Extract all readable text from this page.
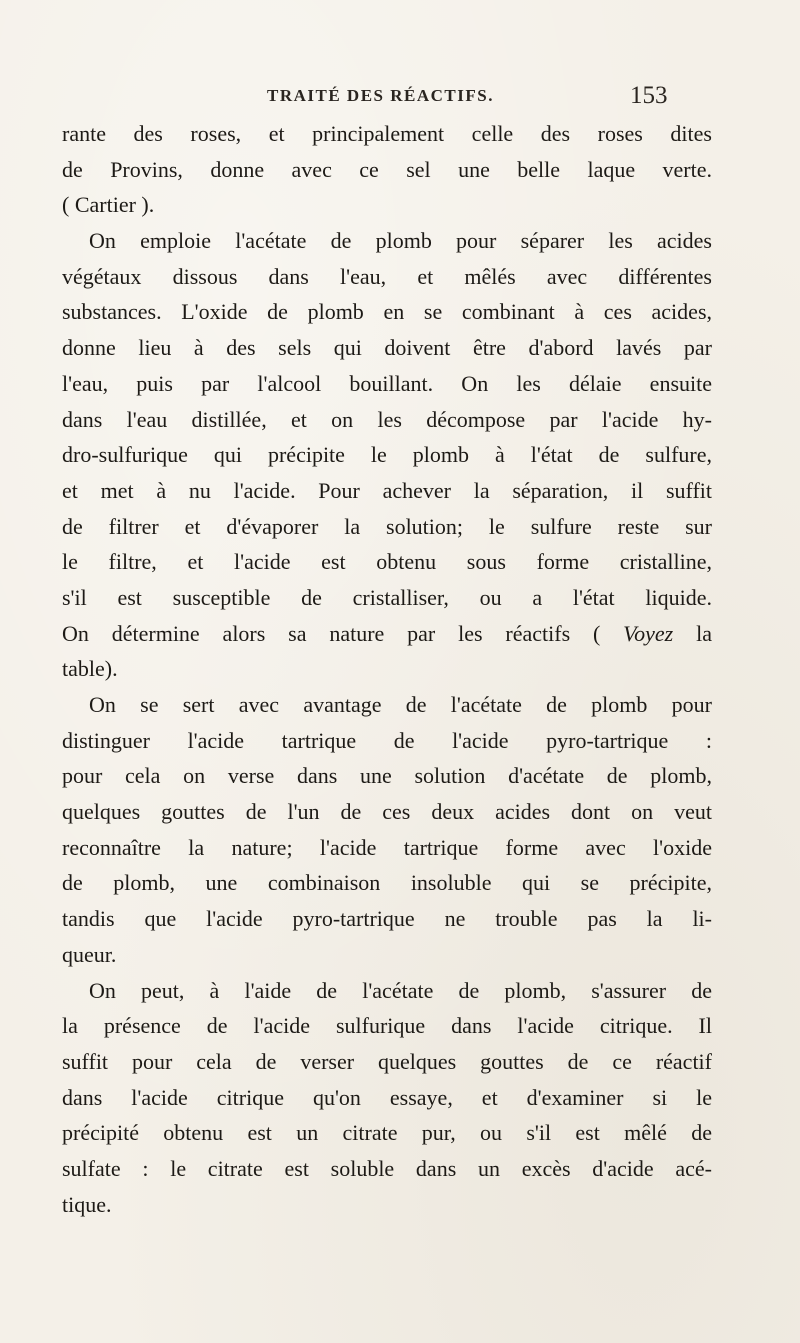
TRAITÉ DES RÉACTIFS.	153
rante des roses, et principalement celle des roses dites
de Provins, donne avec ce sel une belle laque verte.
( Cartier ).
On emploie l'acétate de plomb pour séparer les acides
végétaux dissous dans l'eau, et mêlés avec différentes
substances. L'oxide de plomb en se combinant à ces acides,
donne lieu à des sels qui doivent être d'abord lavés par
l'eau, puis par l'alcool bouillant. On les délaie ensuite
dans l'eau distillée, et on les décompose par l'acide hy-
dro-sulfurique qui précipite le plomb à l'état de sulfure,
et met à nu l'acide. Pour achever la séparation, il suffit
de filtrer et d'évaporer la solution; le sulfure reste sur
le filtre, et l'acide est obtenu sous forme cristalline,
s'il est susceptible de cristalliser, ou a l'état liquide.
On détermine alors sa nature par les réactifs ( Voyez la
table).
On se sert avec avantage de l'acétate de plomb pour
distinguer l'acide tartrique de l'acide pyro-tartrique :
pour cela on verse dans une solution d'acétate de plomb,
quelques gouttes de l'un de ces deux acides dont on veut
reconnaître la nature; l'acide tartrique forme avec l'oxide
de plomb, une combinaison insoluble qui se précipite,
tandis que l'acide pyro-tartrique ne trouble pas la li-
queur.
On peut, à l'aide de l'acétate de plomb, s'assurer de
la présence de l'acide sulfurique dans l'acide citrique. Il
suffit pour cela de verser quelques gouttes de ce réactif
dans l'acide citrique qu'on essaye, et d'examiner si le
précipité obtenu est un citrate pur, ou s'il est mêlé de
sulfate : le citrate est soluble dans un excès d'acide acé-
tique.
